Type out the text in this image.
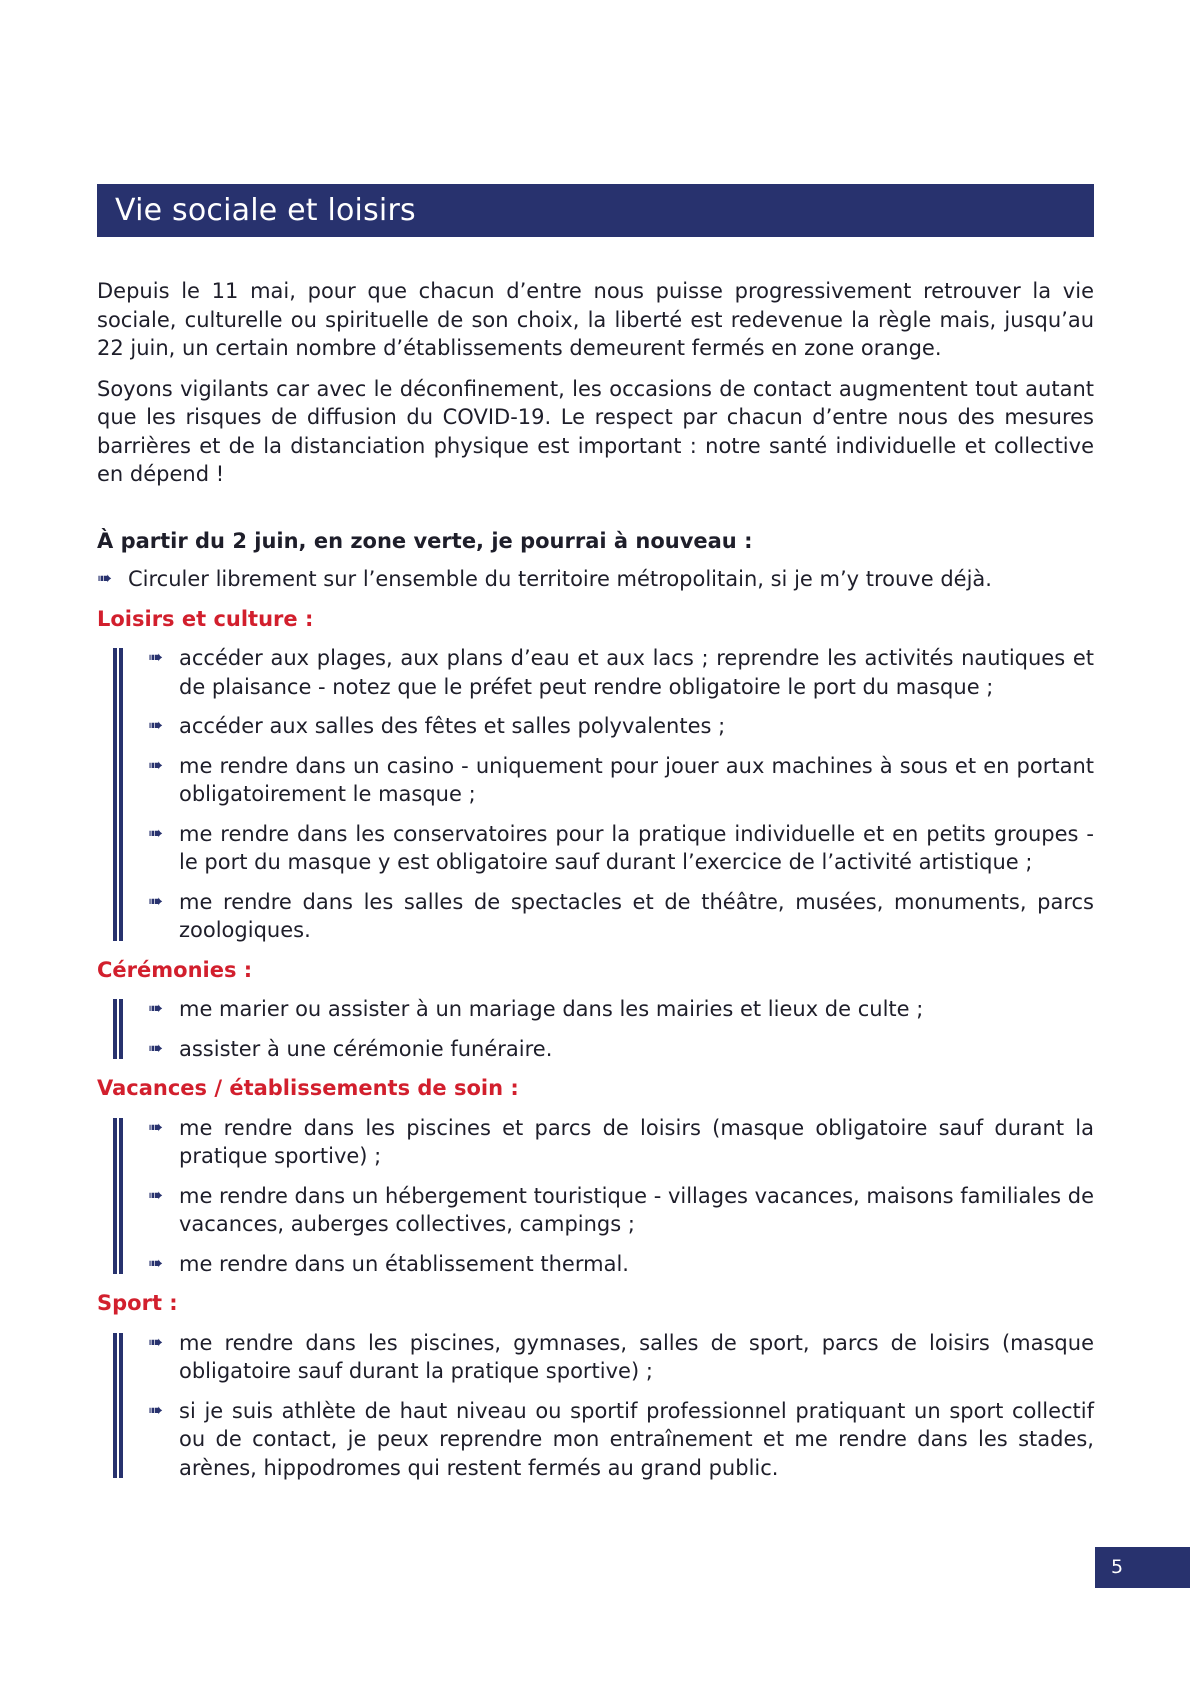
Vie sociale et loisirs

Depuis le 11 mai, pour que chacun d’entre nous puisse progressivement retrouver la vie sociale, culturelle ou spirituelle de son choix, la liberté est redevenue la règle mais, jusqu’au 22 juin, un certain nombre d’établissements demeurent fermés en zone orange.

Soyons vigilants car avec le déconfinement, les occasions de contact augmentent tout autant que les risques de diffusion du COVID-19. Le respect par chacun d’entre nous des mesures barrières et de la distanciation physique est important : notre santé individuelle et collective en dépend !

À partir du 2 juin, en zone verte, je pourrai à nouveau :

➠ Circuler librement sur l’ensemble du territoire métropolitain, si je m’y trouve déjà.

Loisirs et culture :

➠ accéder aux plages, aux plans d’eau et aux lacs ; reprendre les activités nautiques et de plaisance - notez que le préfet peut rendre obligatoire le port du masque ;
➠ accéder aux salles des fêtes et salles polyvalentes ;
➠ me rendre dans un casino - uniquement pour jouer aux machines à sous et en portant obligatoirement le masque ;
➠ me rendre dans les conservatoires pour la pratique individuelle et en petits groupes - le port du masque y est obligatoire sauf durant l’exercice de l’activité artistique ;
➠ me rendre dans les salles de spectacles et de théâtre, musées, monuments, parcs zoologiques.

Cérémonies :

➠ me marier ou assister à un mariage dans les mairies et lieux de culte ;
➠ assister à une cérémonie funéraire.

Vacances / établissements de soin :

➠ me rendre dans les piscines et parcs de loisirs (masque obligatoire sauf durant la pratique sportive) ;
➠ me rendre dans un hébergement touristique - villages vacances, maisons familiales de vacances, auberges collectives, campings ;
➠ me rendre dans un établissement thermal.

Sport :

➠ me rendre dans les piscines, gymnases, salles de sport, parcs de loisirs (masque obligatoire sauf durant la pratique sportive) ;
➠ si je suis athlète de haut niveau ou sportif professionnel pratiquant un sport collectif ou de contact, je peux reprendre mon entraînement et me rendre dans les stades, arènes, hippodromes qui restent fermés au grand public.
5
